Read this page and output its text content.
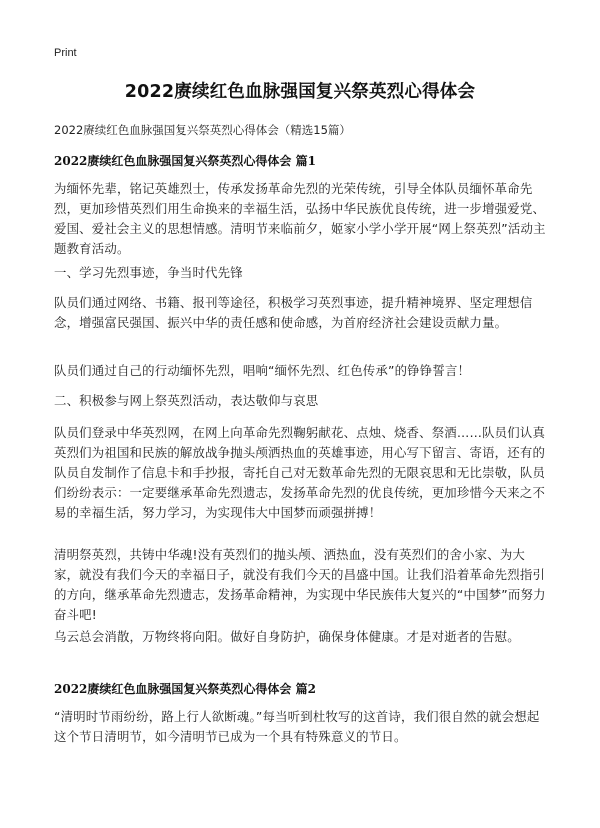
Print
2022赓续红色血脉强国复兴祭英烈心得体会
2022赓续红色血脉强国复兴祭英烈心得体会（精选15篇）
2022赓续红色血脉强国复兴祭英烈心得体会 篇1

为缅怀先辈，铭记英雄烈士，传承发扬革命先烈的光荣传统，引导全体队员缅怀革命先烈，更加珍惜英烈们用生命换来的幸福生活，弘扬中华民族优良传统，进一步增强爱党、爱国、爱社会主义的思想情感。清明节来临前夕，姬家小学小学开展“网上祭英烈”活动主题教育活动。

一、学习先烈事迹，争当时代先锋

队员们通过网络、书籍、报刊等途径，积极学习英烈事迹，提升精神境界、坚定理想信念，增强富民强国、振兴中华的责任感和使命感，为首府经济社会建设贡献力量。

队员们通过自己的行动缅怀先烈，唱响“缅怀先烈、红色传承”的铮铮誓言！

二、积极参与网上祭英烈活动，表达敬仰与哀思

队员们登录中华英烈网，在网上向革命先烈鞠躬献花、点烛、烧香、祭酒……队员们认真英烈们为祖国和民族的解放战争抛头颅洒热血的英雄事迹，用心写下留言、寄语，还有的队员自发制作了信息卡和手抄报，寄托自己对无数革命先烈的无限哀思和无比崇敬，队员们纷纷表示：一定要继承革命先烈遗志，发扬革命先烈的优良传统，更加珍惜今天来之不易的幸福生活，努力学习，为实现伟大中国梦而顽强拼搏！

清明祭英烈，共铸中华魂!没有英烈们的抛头颅、洒热血，没有英烈们的舍小家、为大家，就没有我们今天的幸福日子，就没有我们今天的昌盛中国。让我们沿着革命先烈指引的方向，继承革命先烈遗志，发扬革命精神，为实现中华民族伟大复兴的“中国梦”而努力奋斗吧!

乌云总会消散，万物终将向阳。做好自身防护，确保身体健康。才是对逝者的告慰。

2022赓续红色血脉强国复兴祭英烈心得体会 篇2

“清明时节雨纷纷，路上行人欲断魂。”每当听到杜牧写的这首诗，我们很自然的就会想起这个节日清明节，如今清明节已成为一个具有特殊意义的节日。
